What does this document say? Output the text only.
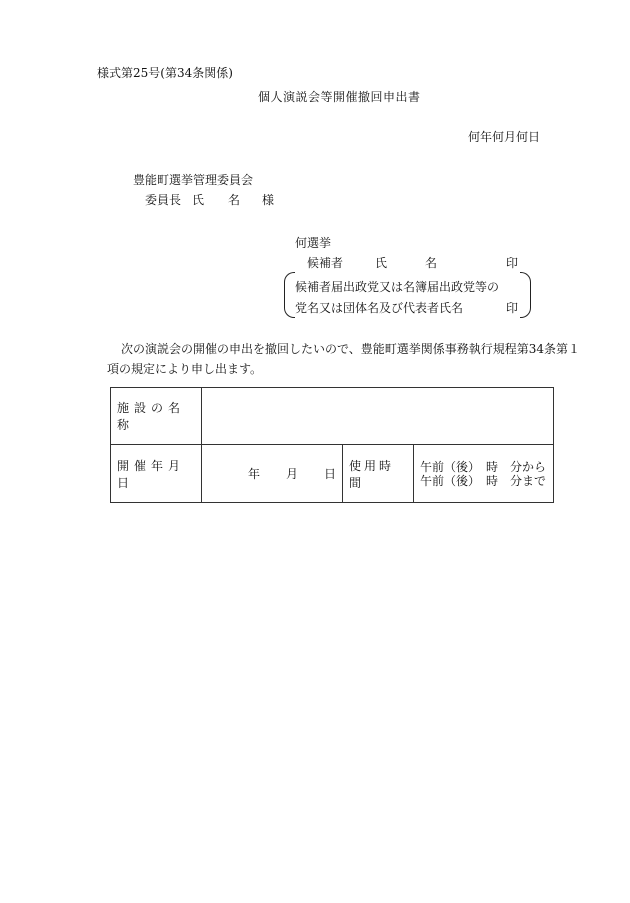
様式第25号(第34条関係)
個人演説会等開催撤回申出書
何年何月何日
豊能町選挙管理委員会
委員長 氏 名 様
何選挙
候補者	氏	名	印
候補者届出政党又は名簿届出政党等の
党名又は団体名及び代表者氏名	印
次の演説会の開催の申出を撤回したいので、豊能町選挙関係事務執行規程第34条第１
項の規定により申し出ます。
施設の名称			
開催年月日	年 月 日	使用時間	午前（後）　時　分から
午前（後）　時　分まで
